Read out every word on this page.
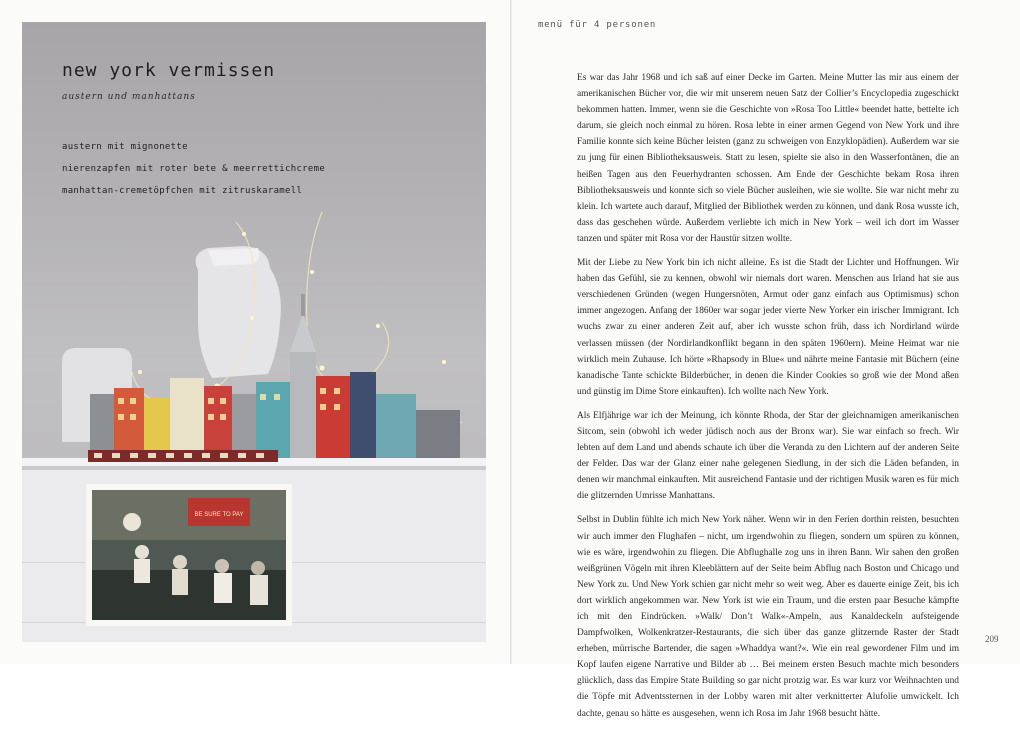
BE SURE TO PAY
new york vermissen
austern und manhattans
austern mit mignonette
nierenzapfen mit roter bete & meerrettichcreme
manhattan-cremetöpfchen mit zitruskaramell
menü für 4 personen

Es war das Jahr 1968 und ich saß auf einer Decke im Garten. Meine Mutter las mir aus einem der amerikanischen Bücher vor, die wir mit unserem neuen Satz der Collier’s Encyclopedia zugeschickt bekommen hatten. Immer, wenn sie die Geschichte von »Rosa Too Little« beendet hatte, bettelte ich darum, sie gleich noch einmal zu hören. Rosa lebte in einer armen Gegend von New York und ihre Familie konnte sich keine Bücher leisten (ganz zu schweigen von Enzyklopädien). Außerdem war sie zu jung für einen Bibliotheksausweis. Statt zu lesen, spielte sie also in den Wasserfontänen, die an heißen Tagen aus den Feuerhydranten schossen. Am Ende der Geschichte bekam Rosa ihren Bibliotheksausweis und konnte sich so viele Bücher ausleihen, wie sie wollte. Sie war nicht mehr zu klein. Ich wartete auch darauf, Mitglied der Bibliothek werden zu können, und dank Rosa wusste ich, dass das geschehen würde. Außerdem verliebte ich mich in New York – weil ich dort im Wasser tanzen und später mit Rosa vor der Haustür sitzen wollte.

Mit der Liebe zu New York bin ich nicht alleine. Es ist die Stadt der Lichter und Hoffnungen. Wir haben das Gefühl, sie zu kennen, obwohl wir niemals dort waren. Menschen aus Irland hat sie aus verschiedenen Gründen (wegen Hungersnöten, Armut oder ganz einfach aus Optimismus) schon immer angezogen. Anfang der 1860er war sogar jeder vierte New Yorker ein irischer Immigrant. Ich wuchs zwar zu einer anderen Zeit auf, aber ich wusste schon früh, dass ich Nordirland würde verlassen müssen (der Nordirlandkonflikt begann in den späten 1960ern). Meine Heimat war nie wirklich mein Zuhause. Ich hörte »Rhapsody in Blue« und nährte meine Fantasie mit Büchern (eine kanadische Tante schickte Bilderbücher, in denen die Kinder Cookies so groß wie der Mond aßen und günstig im Dime Store einkauften). Ich wollte nach New York.

Als Elfjährige war ich der Meinung, ich könnte Rhoda, der Star der gleichnamigen amerikanischen Sitcom, sein (obwohl ich weder jüdisch noch aus der Bronx war). Sie war einfach so frech. Wir lebten auf dem Land und abends schaute ich über die Veranda zu den Lichtern auf der anderen Seite der Felder. Das war der Glanz einer nahe gelegenen Siedlung, in der sich die Läden befanden, in denen wir manchmal einkauften. Mit ausreichend Fantasie und der richtigen Musik waren es für mich die glitzernden Umrisse Manhattans.

Selbst in Dublin fühlte ich mich New York näher. Wenn wir in den Ferien dorthin reisten, besuchten wir auch immer den Flughafen – nicht, um irgendwohin zu fliegen, sondern um spüren zu können, wie es wäre, irgendwohin zu fliegen. Die Abflughalle zog uns in ihren Bann. Wir sahen den großen weißgrünen Vögeln mit ihren Kleeblättern auf der Seite beim Abflug nach Boston und Chicago und New York zu. Und New York schien gar nicht mehr so weit weg. Aber es dauerte einige Zeit, bis ich dort wirklich angekommen war. New York ist wie ein Traum, und die ersten paar Besuche kämpfte ich mit den Eindrücken. »Walk/ Don’t Walk«-Ampeln, aus Kanaldeckeln aufsteigende Dampfwolken, Wolkenkratzer-Restaurants, die sich über das ganze glitzernde Raster der Stadt erheben, mürrische Bartender, die sagen »Whaddya want?«. Wie ein real gewordener Film und im Kopf laufen eigene Narrative und Bilder ab … Bei meinem ersten Besuch machte mich besonders glücklich, dass das Empire State Building so gar nicht protzig war. Es war kurz vor Weihnachten und die Töpfe mit Adventssternen in der Lobby waren mit alter verknitterter Alufolie umwickelt. Ich dachte, genau so hätte es ausgesehen, wenn ich Rosa im Jahr 1968 besucht hätte.

209
